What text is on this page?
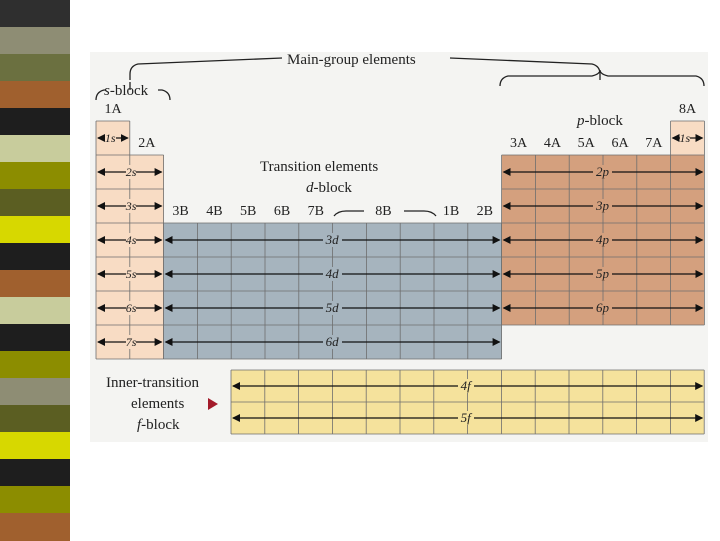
Main-group elements
s-block
p-block
Transition elements
d-block
Inner-transition
elements
f-block
1A
2A
3B	4B	5B	6B	7B	8B	1B	2B
3A	4A	5A	6A	7A
8A
1s
2s
3s
4s
5s
6s
7s
1s
3d
4d
5d
6d
2p
3p
4p
5p
6p
4f
5f
